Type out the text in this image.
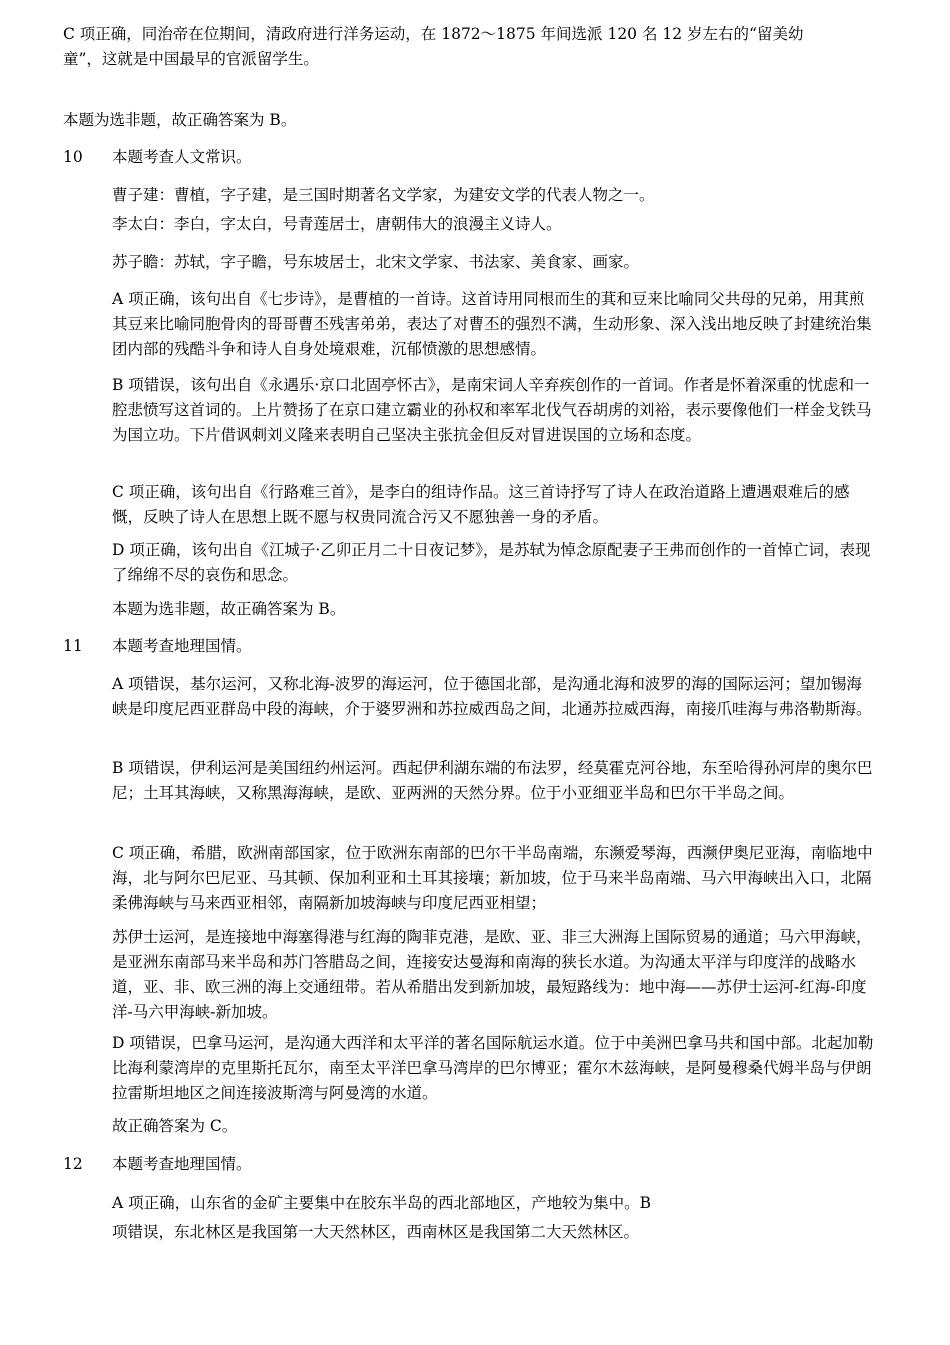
C 项正确，同治帝在位期间，清政府进行洋务运动，在 1872～1875 年间选派 120 名 12 岁左右的“留美幼童”，这就是中国最早的官派留学生。

本题为选非题，故正确答案为 B。

10 本题考查人文常识。

曹子建：曹植，字子建，是三国时期著名文学家，为建安文学的代表人物之一。

李太白：李白，字太白，号青莲居士，唐朝伟大的浪漫主义诗人。

苏子瞻：苏轼，字子瞻，号东坡居士，北宋文学家、书法家、美食家、画家。

A 项正确，该句出自《七步诗》，是曹植的一首诗。这首诗用同根而生的萁和豆来比喻同父共母的兄弟，用萁煎其豆来比喻同胞骨肉的哥哥曹丕残害弟弟，表达了对曹丕的强烈不满，生动形象、深入浅出地反映了封建统治集团内部的残酷斗争和诗人自身处境艰难，沉郁愤激的思想感情。

B 项错误，该句出自《永遇乐·京口北固亭怀古》，是南宋词人辛弃疾创作的一首词。作者是怀着深重的忧虑和一腔悲愤写这首词的。上片赞扬了在京口建立霸业的孙权和率军北伐气吞胡虏的刘裕，表示要像他们一样金戈铁马为国立功。下片借讽刺刘义隆来表明自己坚决主张抗金但反对冒进误国的立场和态度。

C 项正确，该句出自《行路难三首》，是李白的组诗作品。这三首诗抒写了诗人在政治道路上遭遇艰难后的感慨，反映了诗人在思想上既不愿与权贵同流合污又不愿独善一身的矛盾。

D 项正确，该句出自《江城子·乙卯正月二十日夜记梦》，是苏轼为悼念原配妻子王弗而创作的一首悼亡词，表现了绵绵不尽的哀伤和思念。

本题为选非题，故正确答案为 B。

11 本题考查地理国情。

A 项错误，基尔运河，又称北海-波罗的海运河，位于德国北部，是沟通北海和波罗的海的国际运河；望加锡海峡是印度尼西亚群岛中段的海峡，介于婆罗洲和苏拉威西岛之间，北通苏拉威西海，南接爪哇海与弗洛勒斯海。

B 项错误，伊利运河是美国纽约州运河。西起伊利湖东端的布法罗，经莫霍克河谷地，东至哈得孙河岸的奥尔巴尼；土耳其海峡，又称黑海海峡，是欧、亚两洲的天然分界。位于小亚细亚半岛和巴尔干半岛之间。

C 项正确，希腊，欧洲南部国家，位于欧洲东南部的巴尔干半岛南端，东濒爱琴海，西濒伊奥尼亚海，南临地中海，北与阿尔巴尼亚、马其顿、保加利亚和土耳其接壤；新加坡，位于马来半岛南端、马六甲海峡出入口，北隔柔佛海峡与马来西亚相邻，南隔新加坡海峡与印度尼西亚相望；

苏伊士运河，是连接地中海塞得港与红海的陶菲克港，是欧、亚、非三大洲海上国际贸易的通道；马六甲海峡，是亚洲东南部马来半岛和苏门答腊岛之间，连接安达曼海和南海的狭长水道。为沟通太平洋与印度洋的战略水道，亚、非、欧三洲的海上交通纽带。若从希腊出发到新加坡，最短路线为：地中海——苏伊士运河-红海-印度洋-马六甲海峡-新加坡。

D 项错误，巴拿马运河，是沟通大西洋和太平洋的著名国际航运水道。位于中美洲巴拿马共和国中部。北起加勒比海利蒙湾岸的克里斯托瓦尔，南至太平洋巴拿马湾岸的巴尔博亚；霍尔木兹海峡，是阿曼穆桑代姆半岛与伊朗拉雷斯坦地区之间连接波斯湾与阿曼湾的水道。

故正确答案为 C。

12 本题考查地理国情。

A 项正确，山东省的金矿主要集中在胶东半岛的西北部地区，产地较为集中。B

项错误，东北林区是我国第一大天然林区，西南林区是我国第二大天然林区。
